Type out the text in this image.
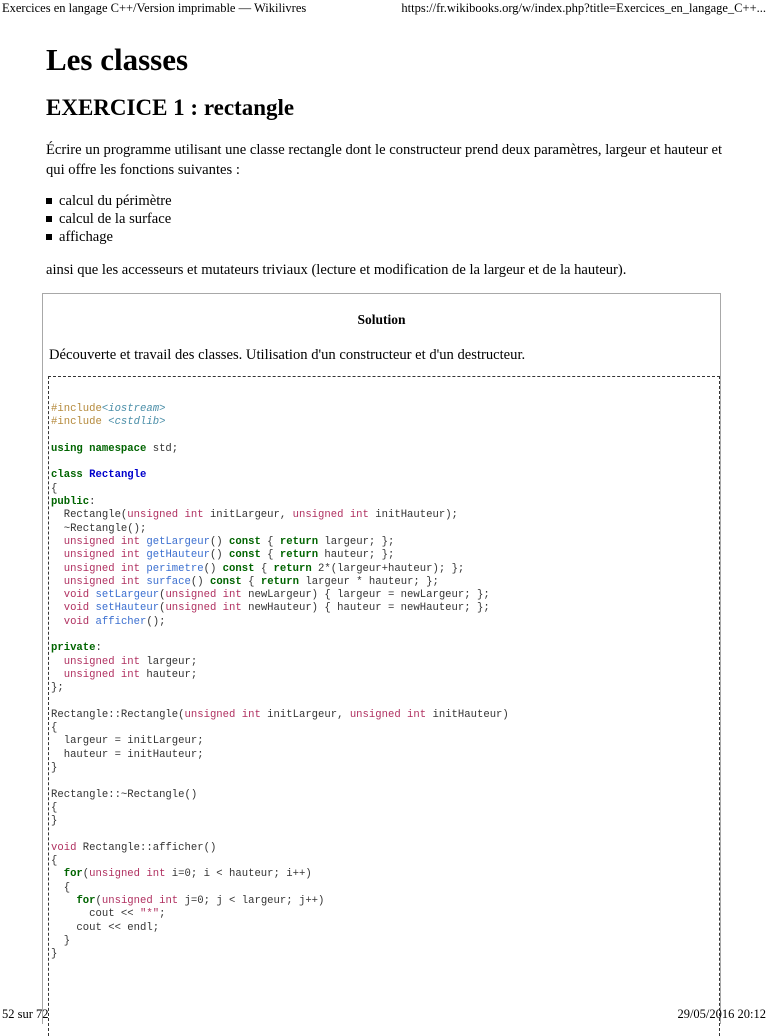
Exercices en langage C++/Version imprimable — Wikilivres	https://fr.wikibooks.org/w/index.php?title=Exercices_en_langage_C++...
Les classes
EXERCICE 1 : rectangle

Écrire un programme utilisant une classe rectangle dont le constructeur prend deux paramètres, largeur et hauteur et qui offre les fonctions suivantes :

calcul du périmètre
calcul de la surface
affichage

ainsi que les accesseurs et mutateurs triviaux (lecture et modification de la largeur et de la hauteur).

Solution
Découverte et travail des classes. Utilisation d'un constructeur et d'un destructeur.
#include<iostream>
#include <cstdlib>

using namespace std;

class Rectangle
{
public:
Rectangle(unsigned int initLargeur, unsigned int initHauteur);
~Rectangle();
unsigned int getLargeur() const { return largeur; };
unsigned int getHauteur() const { return hauteur; };
unsigned int perimetre() const { return 2*(largeur+hauteur); };
unsigned int surface() const { return largeur * hauteur; };
void setLargeur(unsigned int newLargeur) { largeur = newLargeur; };
void setHauteur(unsigned int newHauteur) { hauteur = newHauteur; };
void afficher();

private:
unsigned int largeur;
unsigned int hauteur;
};

Rectangle::Rectangle(unsigned int initLargeur, unsigned int initHauteur)
{
largeur = initLargeur;
hauteur = initHauteur;
}

Rectangle::~Rectangle()
{
}

void Rectangle::afficher()
{
for(unsigned int i=0; i < hauteur; i++)
{
for(unsigned int j=0; j < largeur; j++)
cout << "*";
cout << endl;
}
}
52 sur 72	29/05/2016 20:12
